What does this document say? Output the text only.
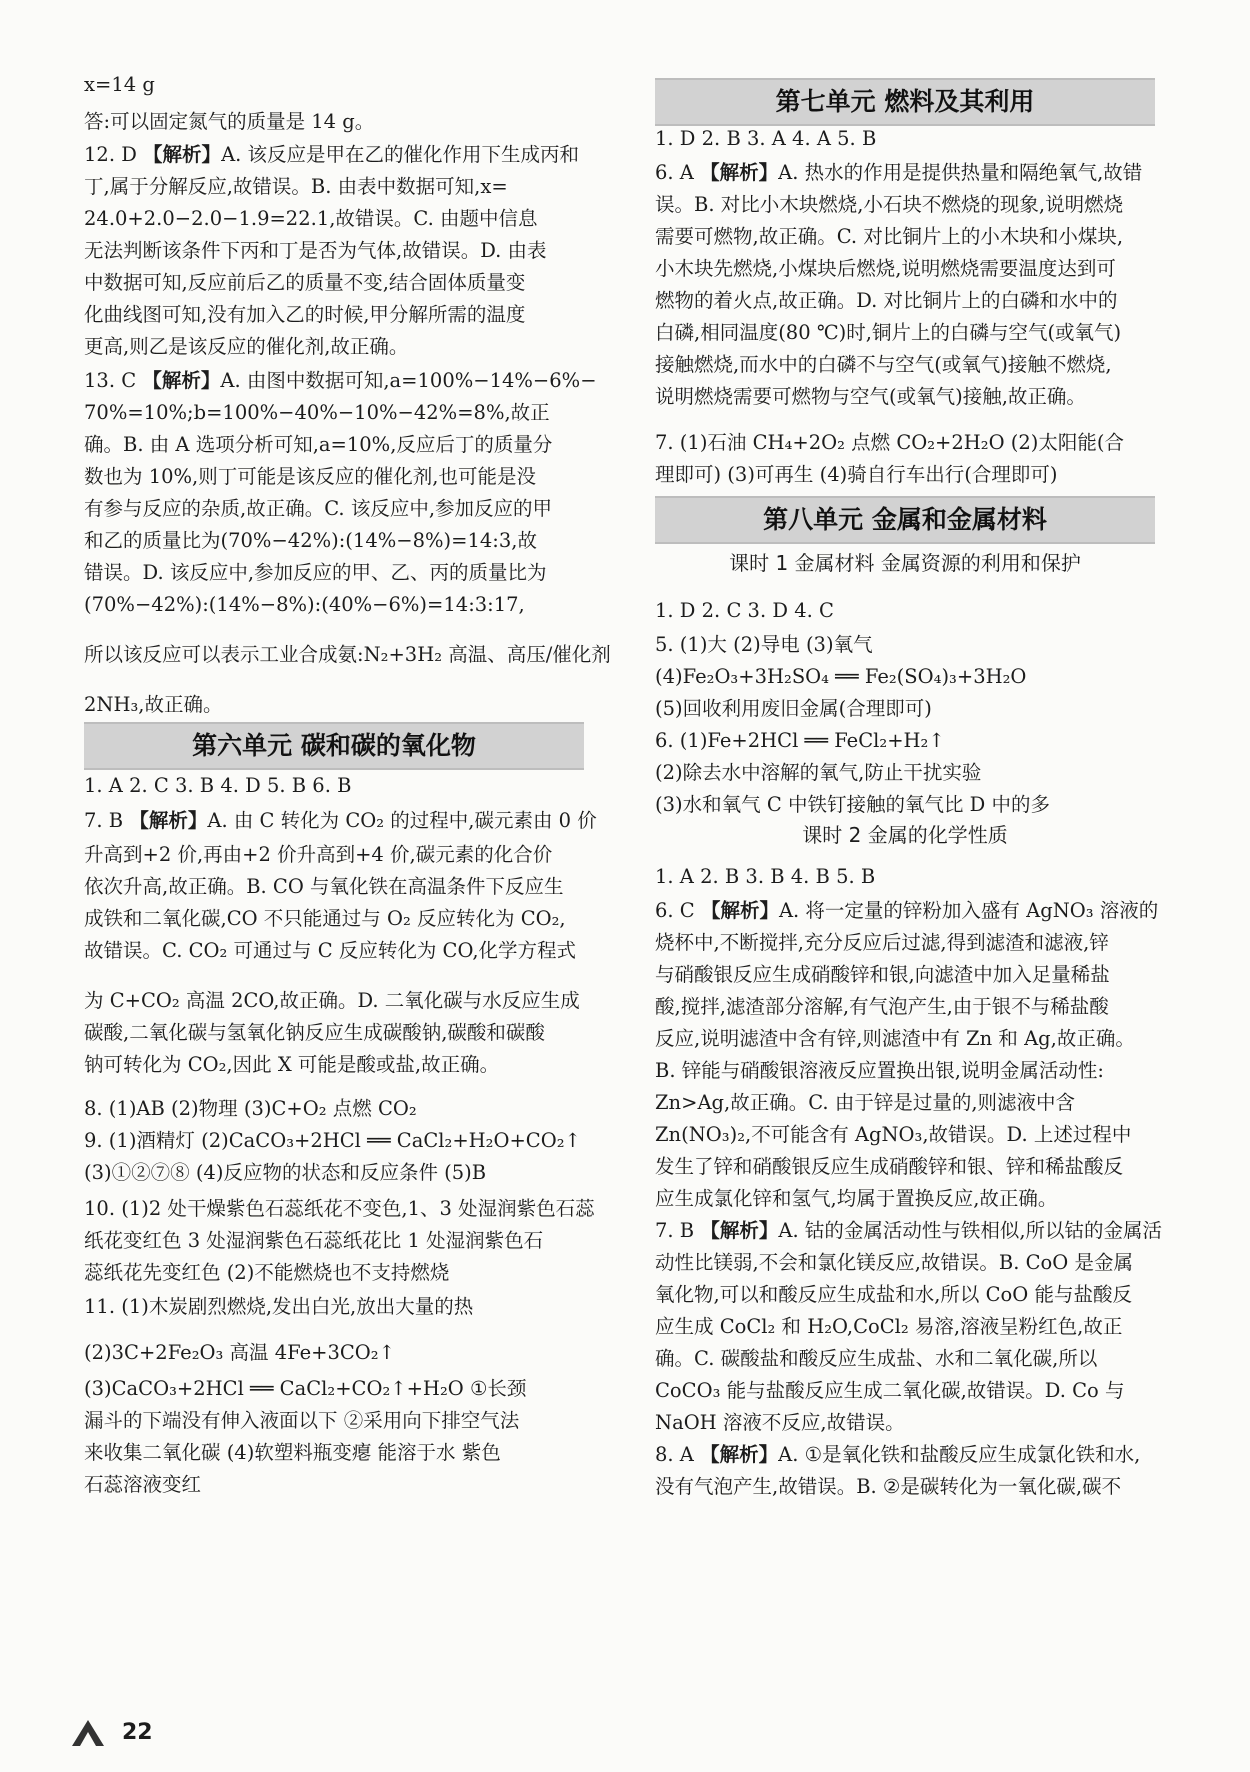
x=14 g
答:可以固定氮气的质量是 14 g。
12. D 【解析】A. 该反应是甲在乙的催化作用下生成丙和
丁,属于分解反应,故错误。B. 由表中数据可知,x=
24.0+2.0−2.0−1.9=22.1,故错误。C. 由题中信息
无法判断该条件下丙和丁是否为气体,故错误。D. 由表
中数据可知,反应前后乙的质量不变,结合固体质量变
化曲线图可知,没有加入乙的时候,甲分解所需的温度
更高,则乙是该反应的催化剂,故正确。
13. C 【解析】A. 由图中数据可知,a=100%−14%−6%−
70%=10%;b=100%−40%−10%−42%=8%,故正
确。B. 由 A 选项分析可知,a=10%,反应后丁的质量分
数也为 10%,则丁可能是该反应的催化剂,也可能是没
有参与反应的杂质,故正确。C. 该反应中,参加反应的甲
和乙的质量比为(70%−42%):(14%−8%)=14:3,故
错误。D. 该反应中,参加反应的甲、乙、丙的质量比为
(70%−42%):(14%−8%):(40%−6%)=14:3:17,
所以该反应可以表示工业合成氨:N₂+3H₂ 高温、高压/催化剂
2NH₃,故正确。
1. A 2. C 3. B 4. D 5. B 6. B
7. B 【解析】A. 由 C 转化为 CO₂ 的过程中,碳元素由 0 价
升高到+2 价,再由+2 价升高到+4 价,碳元素的化合价
依次升高,故正确。B. CO 与氧化铁在高温条件下反应生
成铁和二氧化碳,CO 不只能通过与 O₂ 反应转化为 CO₂,
故错误。C. CO₂ 可通过与 C 反应转化为 CO,化学方程式
为 C+CO₂ 高温 2CO,故正确。D. 二氧化碳与水反应生成
碳酸,二氧化碳与氢氧化钠反应生成碳酸钠,碳酸和碳酸
钠可转化为 CO₂,因此 X 可能是酸或盐,故正确。
8. (1)AB (2)物理 (3)C+O₂ 点燃 CO₂
9. (1)酒精灯 (2)CaCO₃+2HCl ══ CaCl₂+H₂O+CO₂↑
(3)①②⑦⑧ (4)反应物的状态和反应条件 (5)B
10. (1)2 处干燥紫色石蕊纸花不变色,1、3 处湿润紫色石蕊
纸花变红色 3 处湿润紫色石蕊纸花比 1 处湿润紫色石
蕊纸花先变红色 (2)不能燃烧也不支持燃烧
11. (1)木炭剧烈燃烧,发出白光,放出大量的热
(2)3C+2Fe₂O₃ 高温 4Fe+3CO₂↑
(3)CaCO₃+2HCl ══ CaCl₂+CO₂↑+H₂O ①长颈
漏斗的下端没有伸入液面以下 ②采用向下排空气法
来收集二氧化碳 (4)软塑料瓶变瘪 能溶于水 紫色
石蕊溶液变红
第六单元 碳和碳的氧化物
1. D 2. B 3. A 4. A 5. B
6. A 【解析】A. 热水的作用是提供热量和隔绝氧气,故错
误。B. 对比小木块燃烧,小石块不燃烧的现象,说明燃烧
需要可燃物,故正确。C. 对比铜片上的小木块和小煤块,
小木块先燃烧,小煤块后燃烧,说明燃烧需要温度达到可
燃物的着火点,故正确。D. 对比铜片上的白磷和水中的
白磷,相同温度(80 ℃)时,铜片上的白磷与空气(或氧气)
接触燃烧,而水中的白磷不与空气(或氧气)接触不燃烧,
说明燃烧需要可燃物与空气(或氧气)接触,故正确。
7. (1)石油 CH₄+2O₂ 点燃 CO₂+2H₂O (2)太阳能(合
理即可) (3)可再生 (4)骑自行车出行(合理即可)
1. D 2. C 3. D 4. C
5. (1)大 (2)导电 (3)氧气
(4)Fe₂O₃+3H₂SO₄ ══ Fe₂(SO₄)₃+3H₂O
(5)回收利用废旧金属(合理即可)
6. (1)Fe+2HCl ══ FeCl₂+H₂↑
(2)除去水中溶解的氧气,防止干扰实验
(3)水和氧气 C 中铁钉接触的氧气比 D 中的多
1. A 2. B 3. B 4. B 5. B
6. C 【解析】A. 将一定量的锌粉加入盛有 AgNO₃ 溶液的
烧杯中,不断搅拌,充分反应后过滤,得到滤渣和滤液,锌
与硝酸银反应生成硝酸锌和银,向滤渣中加入足量稀盐
酸,搅拌,滤渣部分溶解,有气泡产生,由于银不与稀盐酸
反应,说明滤渣中含有锌,则滤渣中有 Zn 和 Ag,故正确。
B. 锌能与硝酸银溶液反应置换出银,说明金属活动性:
Zn>Ag,故正确。C. 由于锌是过量的,则滤液中含
Zn(NO₃)₂,不可能含有 AgNO₃,故错误。D. 上述过程中
发生了锌和硝酸银反应生成硝酸锌和银、锌和稀盐酸反
应生成氯化锌和氢气,均属于置换反应,故正确。
7. B 【解析】A. 钴的金属活动性与铁相似,所以钴的金属活
动性比镁弱,不会和氯化镁反应,故错误。B. CoO 是金属
氧化物,可以和酸反应生成盐和水,所以 CoO 能与盐酸反
应生成 CoCl₂ 和 H₂O,CoCl₂ 易溶,溶液呈粉红色,故正
确。C. 碳酸盐和酸反应生成盐、水和二氧化碳,所以
CoCO₃ 能与盐酸反应生成二氧化碳,故错误。D. Co 与
NaOH 溶液不反应,故错误。
8. A 【解析】A. ①是氧化铁和盐酸反应生成氯化铁和水,
没有气泡产生,故错误。B. ②是碳转化为一氧化碳,碳不
第七单元 燃料及其利用
第八单元 金属和金属材料
课时 1 金属材料 金属资源的利用和保护
课时 2 金属的化学性质
22
